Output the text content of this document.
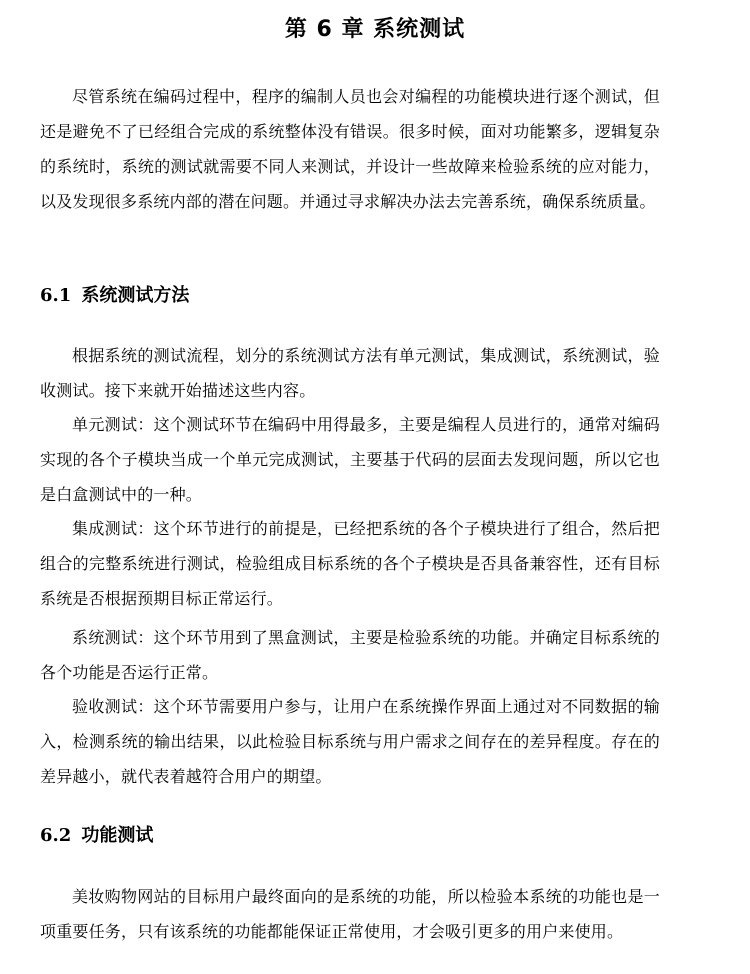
第 6 章 系统测试

尽管系统在编码过程中，程序的编制人员也会对编程的功能模块进行逐个测试，但还是避免不了已经组合完成的系统整体没有错误。很多时候，面对功能繁多，逻辑复杂的系统时，系统的测试就需要不同人来测试，并设计一些故障来检验系统的应对能力，以及发现很多系统内部的潜在问题。并通过寻求解决办法去完善系统，确保系统质量。

6.1 系统测试方法

根据系统的测试流程，划分的系统测试方法有单元测试，集成测试，系统测试，验收测试。接下来就开始描述这些内容。

单元测试：这个测试环节在编码中用得最多，主要是编程人员进行的，通常对编码实现的各个子模块当成一个单元完成测试，主要基于代码的层面去发现问题，所以它也是白盒测试中的一种。

集成测试：这个环节进行的前提是，已经把系统的各个子模块进行了组合，然后把组合的完整系统进行测试，检验组成目标系统的各个子模块是否具备兼容性，还有目标系统是否根据预期目标正常运行。

系统测试：这个环节用到了黑盒测试，主要是检验系统的功能。并确定目标系统的各个功能是否运行正常。

验收测试：这个环节需要用户参与，让用户在系统操作界面上通过对不同数据的输入，检测系统的输出结果，以此检验目标系统与用户需求之间存在的差异程度。存在的差异越小，就代表着越符合用户的期望。

6.2 功能测试

美妆购物网站的目标用户最终面向的是系统的功能，所以检验本系统的功能也是一项重要任务，只有该系统的功能都能保证正常使用，才会吸引更多的用户来使用。
